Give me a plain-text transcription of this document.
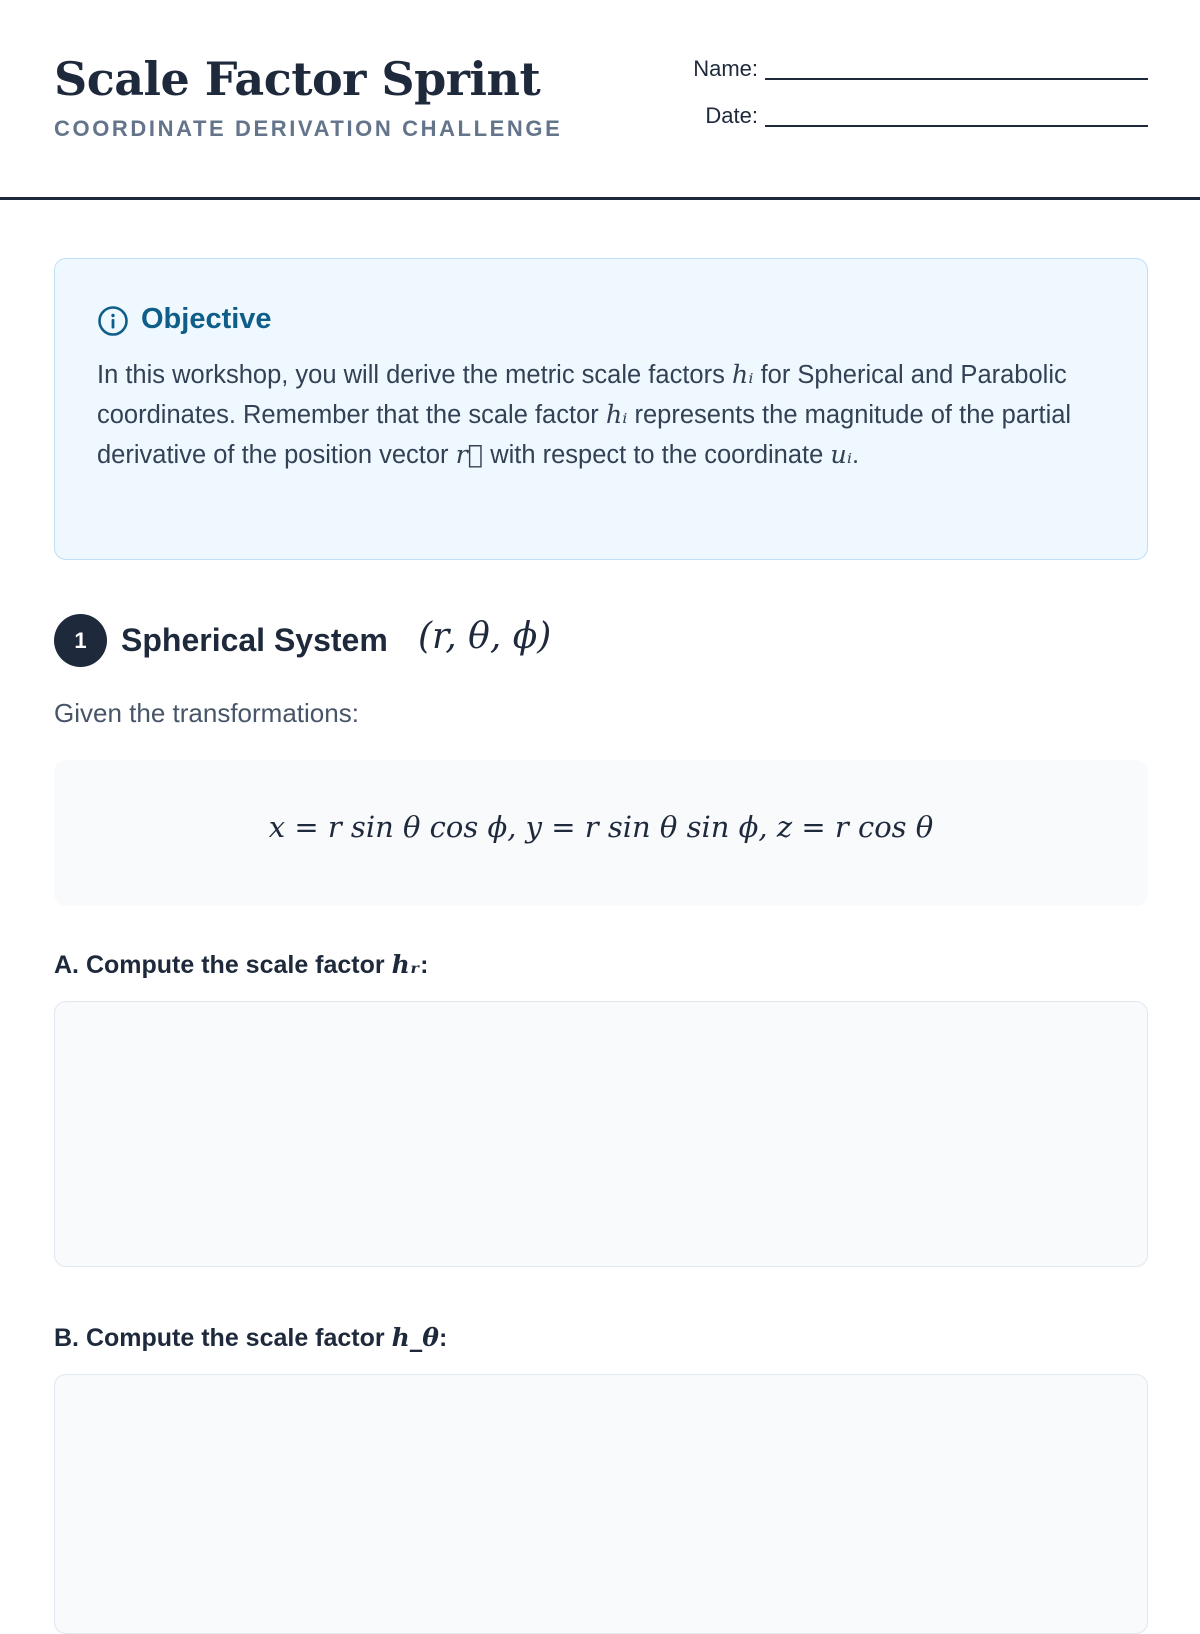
Scale Factor Sprint
COORDINATE DERIVATION CHALLENGE
Name:
Date:
Objective
In this workshop, you will derive the metric scale factors hᵢ for Spherical and Parabolic coordinates. Remember that the scale factor hᵢ represents the magnitude of the partial derivative of the position vector r⃗ with respect to the coordinate uᵢ.
1	Spherical System (r, θ, ϕ)
Given the transformations:
x = r sin θ cos ϕ, y = r sin θ sin ϕ, z = r cos θ
A. Compute the scale factor hᵣ:
B. Compute the scale factor h_θ:
